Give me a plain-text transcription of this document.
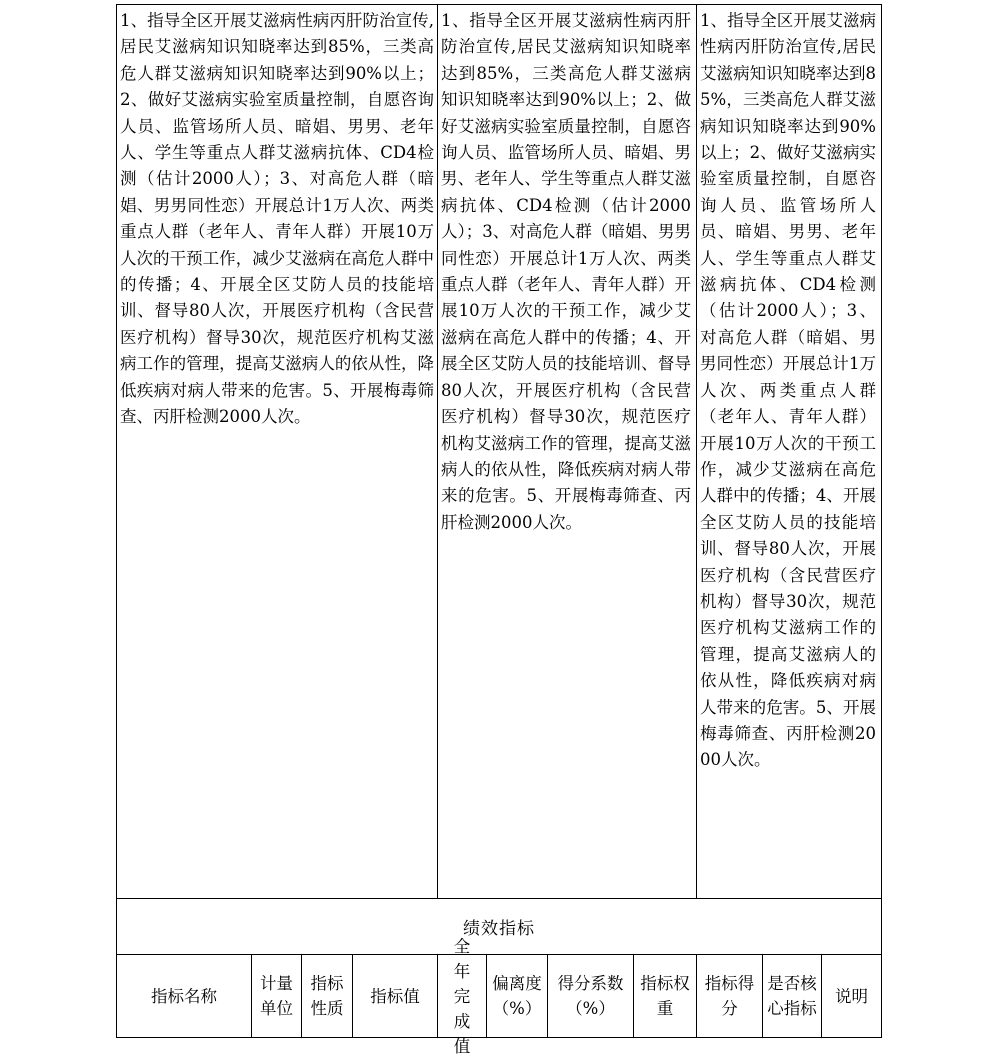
1、指导全区开展艾滋病性病丙肝防治宣传,居民艾滋病知识知晓率达到85%，三类高危人群艾滋病知识知晓率达到90%以上；2、做好艾滋病实验室质量控制，自愿咨询人员、监管场所人员、暗娼、男男、老年人、学生等重点人群艾滋病抗体、CD4检测（估计2000人）；3、对高危人群（暗娼、男男同性恋）开展总计1万人次、两类重点人群（老年人、青年人群）开展10万人次的干预工作，减少艾滋病在高危人群中的传播；4、开展全区艾防人员的技能培训、督导80人次，开展医疗机构（含民营医疗机构）督导30次，规范医疗机构艾滋病工作的管理，提高艾滋病人的依从性，降低疾病对病人带来的危害。5、开展梅毒筛查、丙肝检测2000人次。
1、指导全区开展艾滋病性病丙肝防治宣传,居民艾滋病知识知晓率达到85%，三类高危人群艾滋病知识知晓率达到90%以上；2、做好艾滋病实验室质量控制，自愿咨询人员、监管场所人员、暗娼、男男、老年人、学生等重点人群艾滋病抗体、CD4检测（估计2000人）；3、对高危人群（暗娼、男男同性恋）开展总计1万人次、两类重点人群（老年人、青年人群）开展10万人次的干预工作，减少艾滋病在高危人群中的传播；4、开展全区艾防人员的技能培训、督导80人次，开展医疗机构（含民营医疗机构）督导30次，规范医疗机构艾滋病工作的管理，提高艾滋病人的依从性，降低疾病对病人带来的危害。5、开展梅毒筛查、丙肝检测2000人次。
1、指导全区开展艾滋病性病丙肝防治宣传,居民艾滋病知识知晓率达到85%，三类高危人群艾滋病知识知晓率达到90%以上；2、做好艾滋病实验室质量控制，自愿咨询人员、监管场所人员、暗娼、男男、老年人、学生等重点人群艾滋病抗体、CD4检测（估计2000人）；3、对高危人群（暗娼、男男同性恋）开展总计1万人次、两类重点人群（老年人、青年人群）开展10万人次的干预工作，减少艾滋病在高危人群中的传播；4、开展全区艾防人员的技能培训、督导80人次，开展医疗机构（含民营医疗机构）督导30次，规范医疗机构艾滋病工作的管理，提高艾滋病人的依从性，降低疾病对病人带来的危害。5、开展梅毒筛查、丙肝检测2000人次。
绩效指标
指标名称
计量单位
指标性质
指标值
全年完成值
偏离度（%）
得分系数（%）
指标权重
指标得分
是否核心指标
说明
